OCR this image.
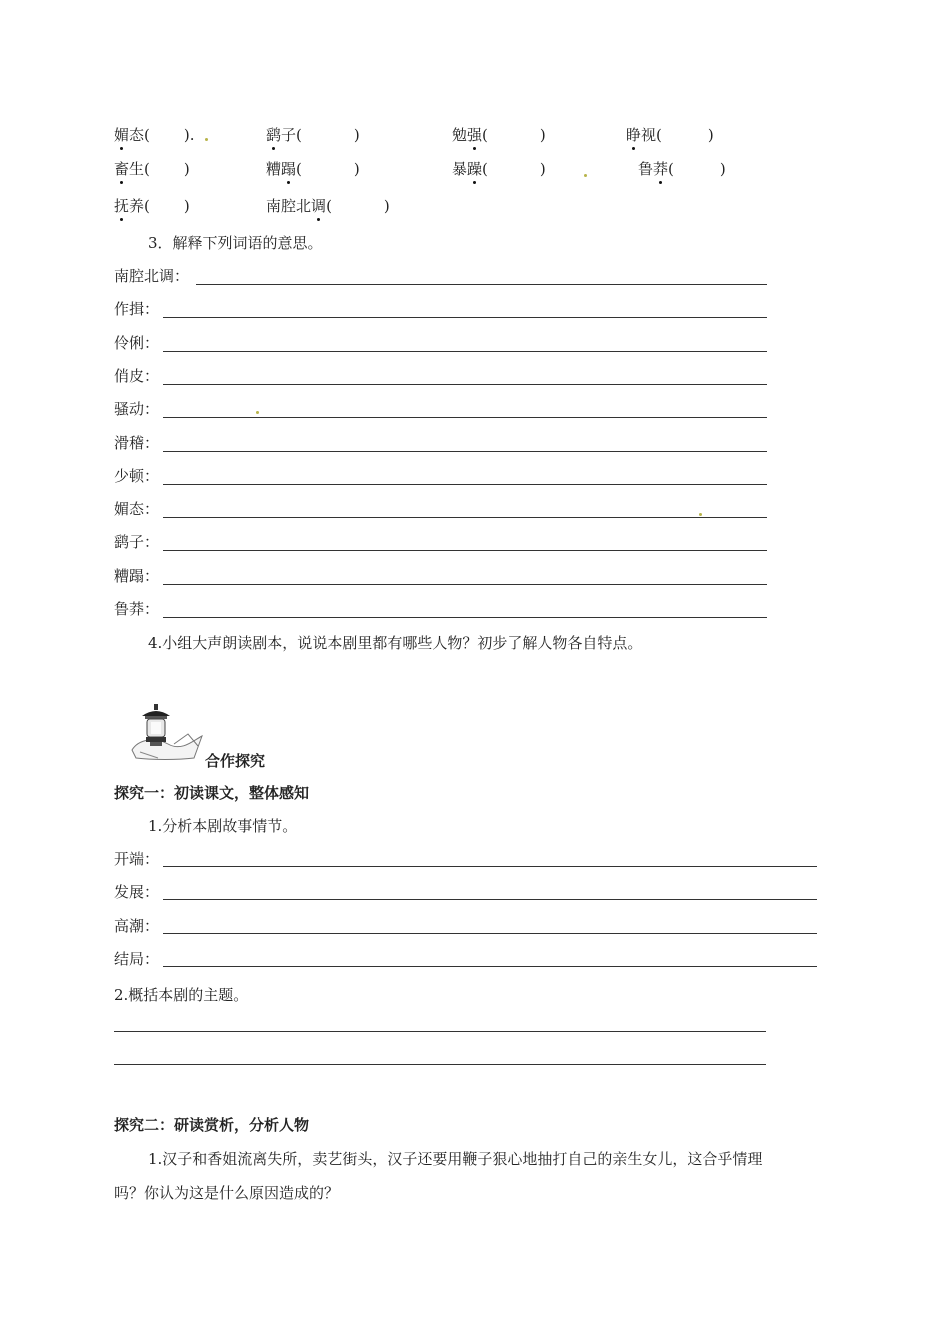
媚态( ).	鹞子(	)	勉强(	)	睁视(	)
畜生( )	糟蹋(	)	暴躁(	)	鲁莽(	)
抚养( )	南腔北调(	)
3．解释下列词语的意思。
南腔北调：
作揖：
伶俐：
俏皮：
骚动：
滑稽：
少顿：
媚态：
鹞子：
糟蹋：
鲁莽：
4.小组大声朗读剧本，说说本剧里都有哪些人物？初步了解人物各自特点。
合作探究
探究一：初读课文，整体感知
1.分析本剧故事情节。
开端：
发展：
高潮：
结局：
2.概括本剧的主题。
探究二：研读赏析，分析人物
1.汉子和香姐流离失所，卖艺街头，汉子还要用鞭子狠心地抽打自己的亲生女儿，这合乎情理
吗？你认为这是什么原因造成的？
